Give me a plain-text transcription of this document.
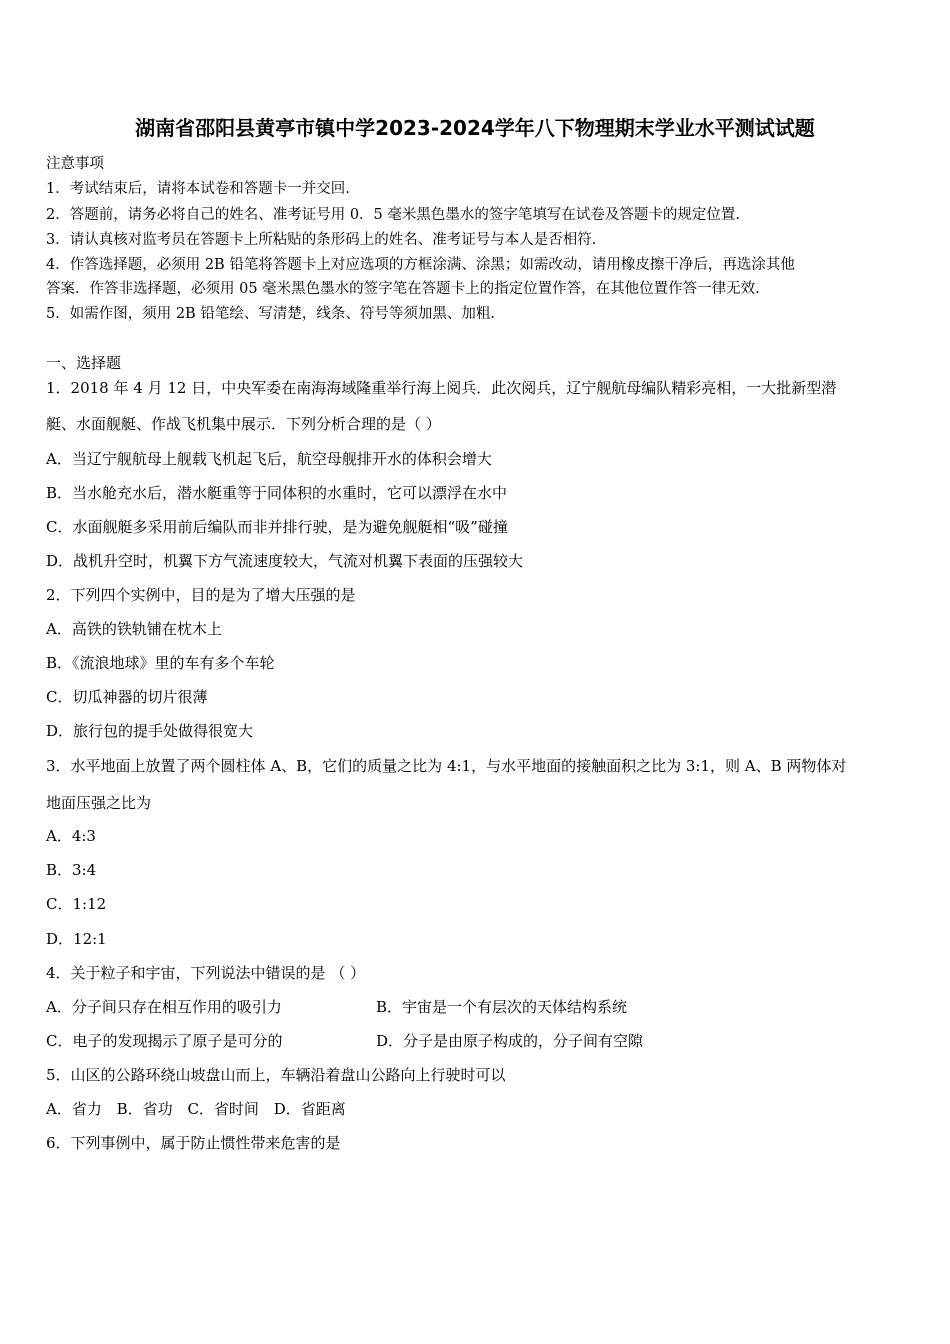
湖南省邵阳县黄亭市镇中学2023-2024学年八下物理期末学业水平测试试题
注意事项
1．考试结束后，请将本试卷和答题卡一并交回.
2．答题前，请务必将自己的姓名、准考证号用 0．5 毫米黑色墨水的签字笔填写在试卷及答题卡的规定位置.
3．请认真核对监考员在答题卡上所粘贴的条形码上的姓名、准考证号与本人是否相符.
4．作答选择题，必须用 2B 铅笔将答题卡上对应选项的方框涂满、涂黑；如需改动，请用橡皮擦干净后，再选涂其他
答案．作答非选择题，必须用 05 毫米黑色墨水的签字笔在答题卡上的指定位置作答，在其他位置作答一律无效.
5．如需作图，须用 2B 铅笔绘、写清楚，线条、符号等须加黑、加粗.
一、选择题
1．2018 年 4 月 12 日，中央军委在南海海域隆重举行海上阅兵．此次阅兵，辽宁舰航母编队精彩亮相，一大批新型潜
艇、水面舰艇、作战飞机集中展示．下列分析合理的是（ ）
A．当辽宁舰航母上舰载飞机起飞后，航空母舰排开水的体积会增大
B．当水舱充水后，潜水艇重等于同体积的水重时，它可以漂浮在水中
C．水面舰艇多采用前后编队而非并排行驶，是为避免舰艇相“吸”碰撞
D．战机升空时，机翼下方气流速度较大，气流对机翼下表面的压强较大
2．下列四个实例中，目的是为了增大压强的是
A．高铁的铁轨铺在枕木上
B．《流浪地球》里的车有多个车轮
C．切瓜神器的切片很薄
D．旅行包的提手处做得很宽大
3．水平地面上放置了两个圆柱体 A、B，它们的质量之比为 4:1，与水平地面的接触面积之比为 3:1，则 A、B 两物体对
地面压强之比为
A．4:3
B．3:4
C．1:12
D．12:1
4．关于粒子和宇宙，下列说法中错误的是 （ ）
A．分子间只存在相互作用的吸引力	B．宇宙是一个有层次的天体结构系统
C．电子的发现揭示了原子是可分的	D．分子是由原子构成的，分子间有空隙
5．山区的公路环绕山坡盘山而上，车辆沿着盘山公路向上行驶时可以
A．省力 B．省功 C．省时间 D．省距离
6．下列事例中，属于防止惯性带来危害的是
